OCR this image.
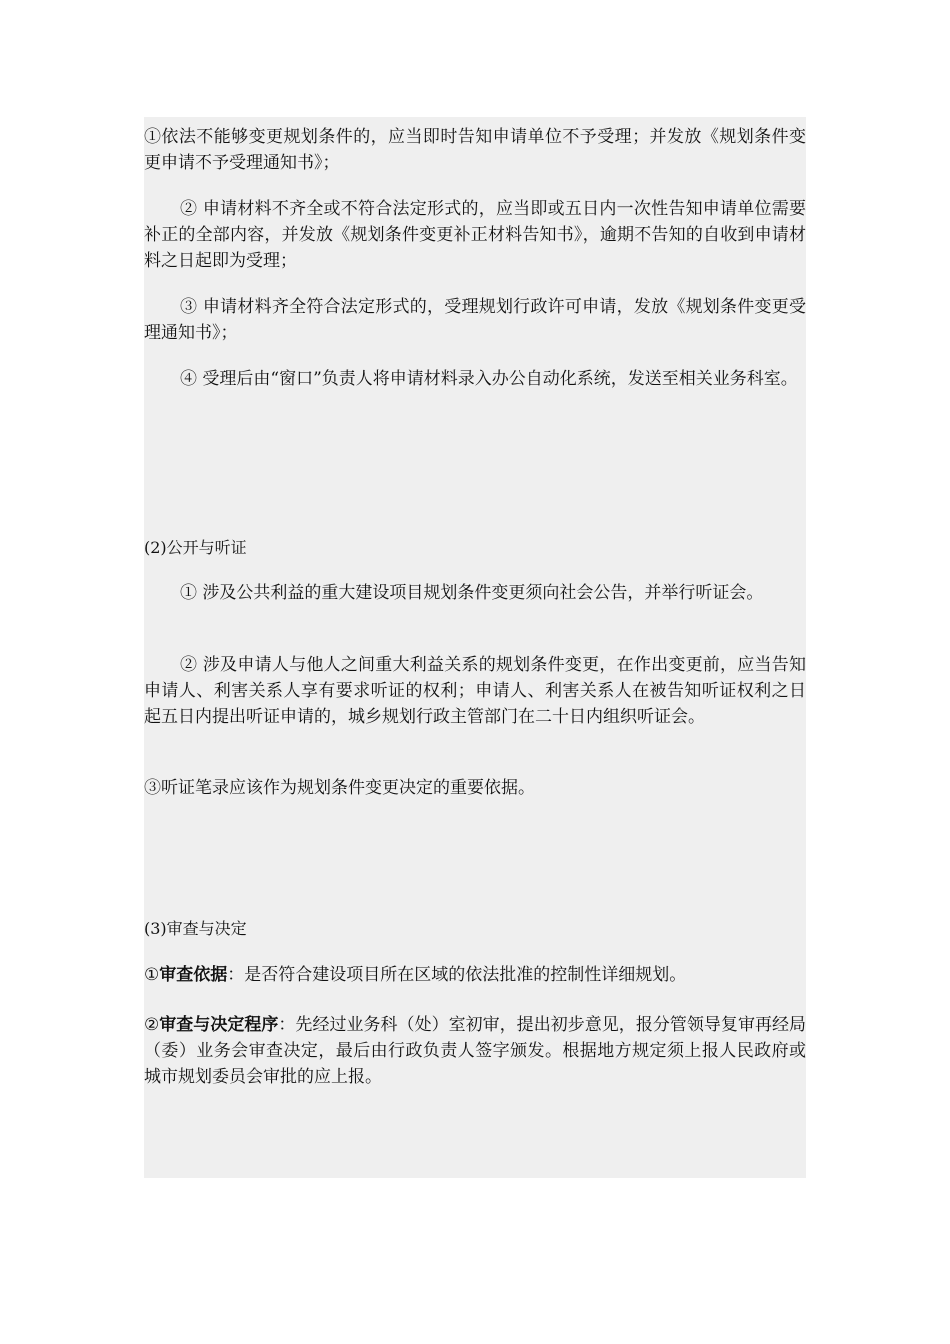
①依法不能够变更规划条件的，应当即时告知申请单位不予受理；并发放《规划条件变更申请不予受理通知书》；

② 申请材料不齐全或不符合法定形式的，应当即或五日内一次性告知申请单位需要补正的全部内容，并发放《规划条件变更补正材料告知书》，逾期不告知的自收到申请材料之日起即为受理；

③ 申请材料齐全符合法定形式的，受理规划行政许可申请，发放《规划条件变更受理通知书》；

④ 受理后由“窗口”负责人将申请材料录入办公自动化系统，发送至相关业务科室。

(2)公开与听证

① 涉及公共利益的重大建设项目规划条件变更须向社会公告，并举行听证会。

② 涉及申请人与他人之间重大利益关系的规划条件变更，在作出变更前，应当告知申请人、利害关系人享有要求听证的权利；申请人、利害关系人在被告知听证权利之日起五日内提出听证申请的，城乡规划行政主管部门在二十日内组织听证会。

③听证笔录应该作为规划条件变更决定的重要依据。

(3)审查与决定

①审查依据：是否符合建设项目所在区域的依法批准的控制性详细规划。

②审查与决定程序：先经过业务科（处）室初审，提出初步意见，报分管领导复审再经局（委）业务会审查决定，最后由行政负责人签字颁发。根据地方规定须上报人民政府或城市规划委员会审批的应上报。
